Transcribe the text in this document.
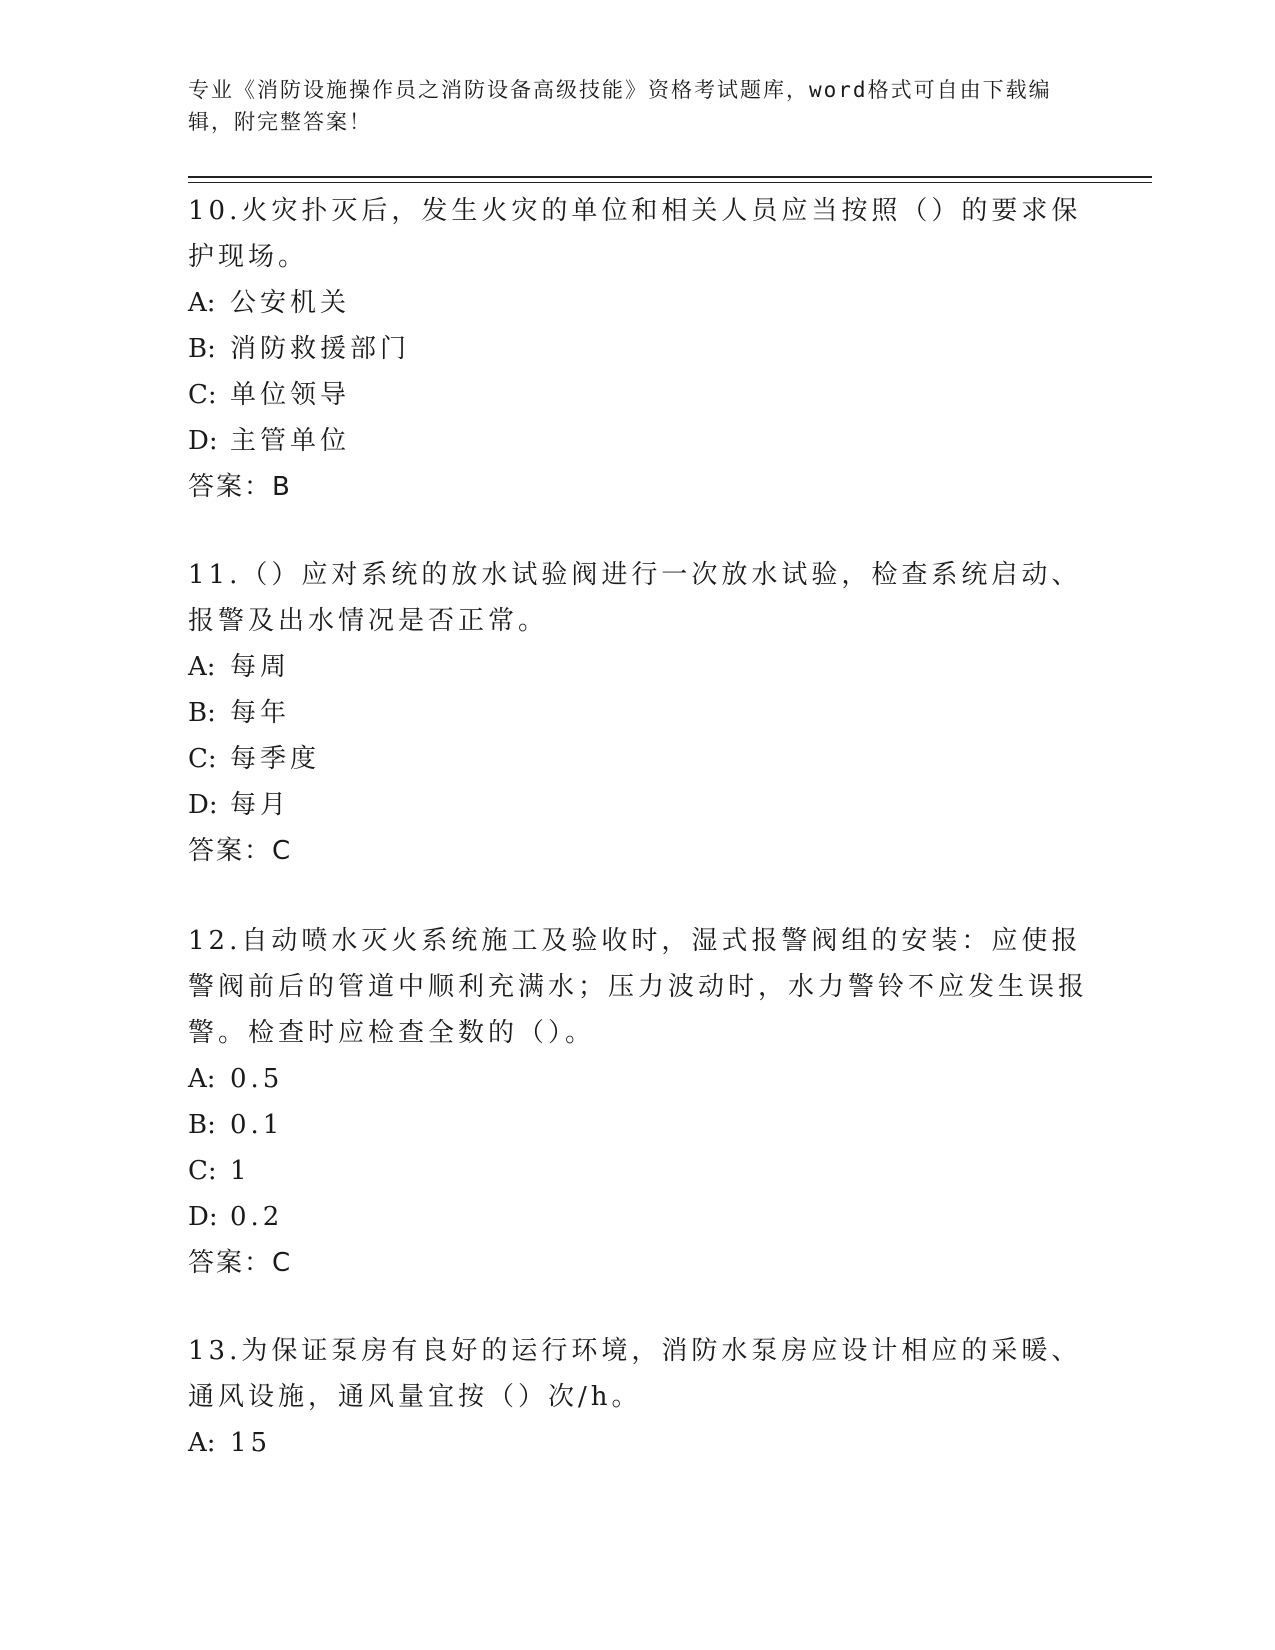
专业《消防设施操作员之消防设备高级技能》资格考试题库，word格式可自由下载编辑，附完整答案！

10.火灾扑灭后，发生火灾的单位和相关人员应当按照（）的要求保护现场。

A: 公安机关

B: 消防救援部门

C: 单位领导

D: 主管单位

答案：B

11.（）应对系统的放水试验阀进行一次放水试验，检查系统启动、报警及出水情况是否正常。

A: 每周

B: 每年

C: 每季度

D: 每月

答案：C

12.自动喷水灭火系统施工及验收时，湿式报警阀组的安装：应使报警阀前后的管道中顺利充满水；压力波动时，水力警铃不应发生误报警。检查时应检查全数的（）。

A: 0.5

B: 0.1

C: 1

D: 0.2

答案：C

13.为保证泵房有良好的运行环境，消防水泵房应设计相应的采暖、通风设施，通风量宜按（）次/h。

A: 15
